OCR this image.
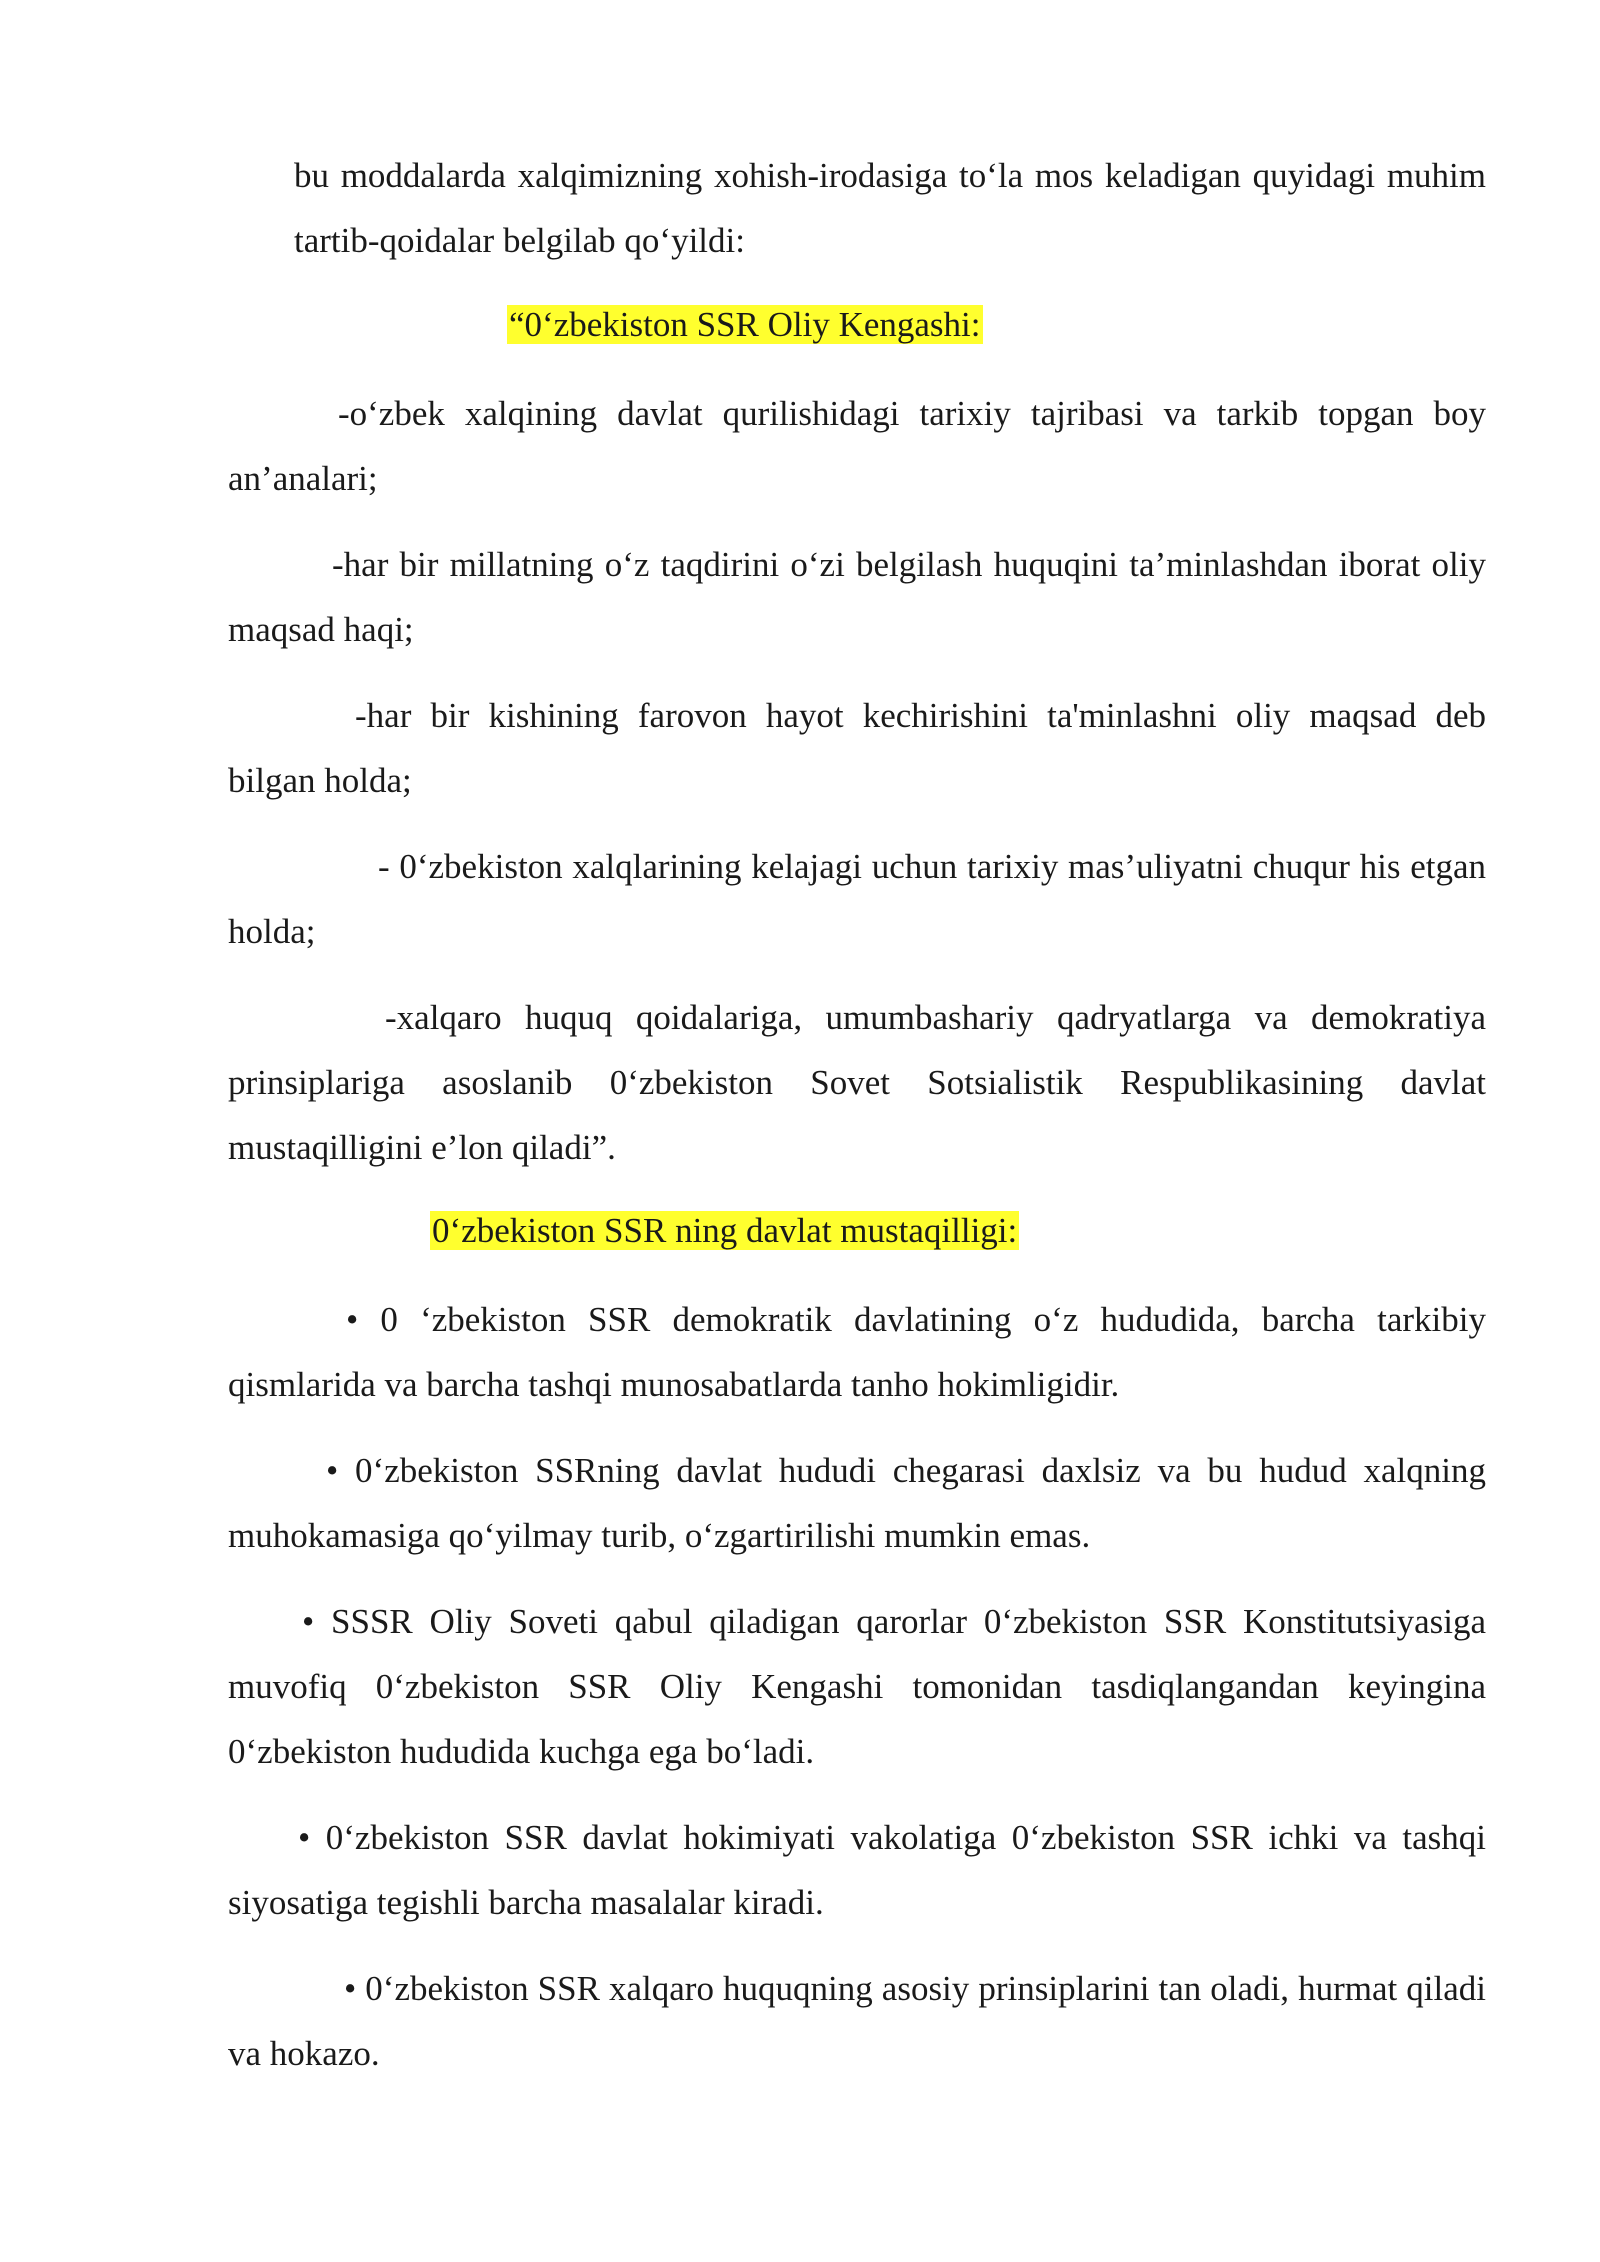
bu moddalarda xalqimizning xohish-irodasiga to‘la mos keladigan quyidagi muhim tartib-qoidalar belgilab qo‘yildi:

“0‘zbekiston SSR Oliy Kengashi:

-o‘zbek xalqining davlat qurilishidagi tarixiy tajribasi va tarkib topgan boy an’analari;

-har bir millatning o‘z taqdirini o‘zi belgilash huquqini ta’minlashdan iborat oliy maqsad haqi;

-har bir kishining farovon hayot kechirishini ta'minlashni oliy maqsad deb bilgan holda;

- 0‘zbekiston xalqlarining kelajagi uchun tarixiy mas’uliyatni chuqur his etgan holda;

-xalqaro huquq qoidalariga, umumbashariy qadryatlarga va demokratiya prinsiplariga asoslanib 0‘zbekiston Sovet Sotsialistik Respublikasining davlat mustaqilligini e’lon qiladi”.

0‘zbekiston SSR ning davlat mustaqilligi:

• 0 ‘zbekiston SSR demokratik davlatining o‘z hududida, barcha tarkibiy qismlarida va barcha tashqi munosabatlarda tanho hokimligidir.

• 0‘zbekiston SSRning davlat hududi chegarasi daxlsiz va bu hudud xalqning muhokamasiga qo‘yilmay turib, o‘zgartirilishi mumkin emas.

• SSSR Oliy Soveti qabul qiladigan qarorlar 0‘zbekiston SSR Konstitutsiyasiga muvofiq 0‘zbekiston SSR Oliy Kengashi tomonidan tasdiqlangandan keyingina 0‘zbekiston hududida kuchga ega bo‘ladi.

• 0‘zbekiston SSR davlat hokimiyati vakolatiga 0‘zbekiston SSR ichki va tashqi siyosatiga tegishli barcha masalalar kiradi.

• 0‘zbekiston SSR xalqaro huquqning asosiy prinsiplarini tan oladi, hurmat qiladi va hokazo.
